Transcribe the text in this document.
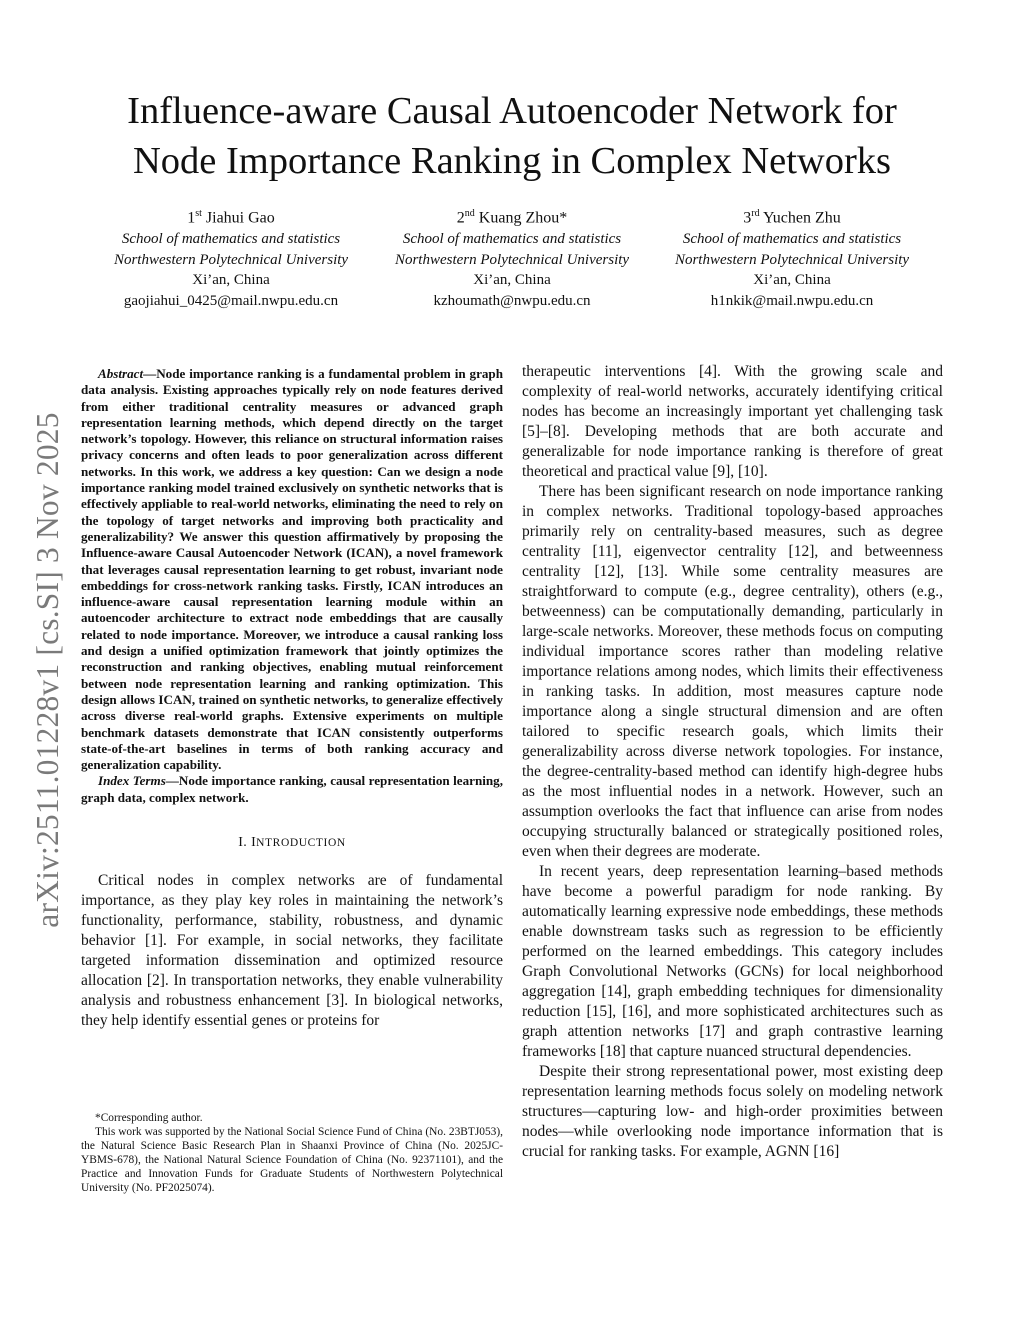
arXiv:2511.01228v1 [cs.SI] 3 Nov 2025
Influence-aware Causal Autoencoder Network for
Node Importance Ranking in Complex Networks
1st Jiahui Gao
School of mathematics and statistics
Northwestern Polytechnical University
Xi’an, China
gaojiahui_0425@mail.nwpu.edu.cn
2nd Kuang Zhou*
School of mathematics and statistics
Northwestern Polytechnical University
Xi’an, China
kzhoumath@nwpu.edu.cn
3rd Yuchen Zhu
School of mathematics and statistics
Northwestern Polytechnical University
Xi’an, China
h1nkik@mail.nwpu.edu.cn

Abstract—Node importance ranking is a fundamental problem in graph data analysis. Existing approaches typically rely on node features derived from either traditional centrality measures or advanced graph representation learning methods, which depend directly on the target network’s topology. However, this reliance on structural information raises privacy concerns and often leads to poor generalization across different networks. In this work, we address a key question: Can we design a node importance ranking model trained exclusively on synthetic networks that is effectively appliable to real-world networks, eliminating the need to rely on the topology of target networks and improving both practicality and generalizability? We answer this question affirmatively by proposing the Influence-aware Causal Autoencoder Network (ICAN), a novel framework that leverages causal representation learning to get robust, invariant node embeddings for cross-network ranking tasks. Firstly, ICAN introduces an influence-aware causal representation learning module within an autoencoder architecture to extract node embeddings that are causally related to node importance. Moreover, we introduce a causal ranking loss and design a unified optimization framework that jointly optimizes the reconstruction and ranking objectives, enabling mutual reinforcement between node representation learning and ranking optimization. This design allows ICAN, trained on synthetic networks, to generalize effectively across diverse real-world graphs. Extensive experiments on multiple benchmark datasets demonstrate that ICAN consistently outperforms state-of-the-art baselines in terms of both ranking accuracy and generalization capability.

Index Terms—Node importance ranking, causal representation learning, graph data, complex network.

I. INTRODUCTION

Critical nodes in complex networks are of fundamental importance, as they play key roles in maintaining the network’s functionality, performance, stability, robustness, and dynamic behavior [1]. For example, in social networks, they facilitate targeted information dissemination and optimized resource allocation [2]. In transportation networks, they enable vulnerability analysis and robustness enhancement [3]. In biological networks, they help identify essential genes or proteins for

*Corresponding author.

This work was supported by the National Social Science Fund of China (No. 23BTJ053), the Natural Science Basic Research Plan in Shaanxi Province of China (No. 2025JC-YBMS-678), the National Natural Science Foundation of China (No. 92371101), and the Practice and Innovation Funds for Graduate Students of Northwestern Polytechnical University (No. PF2025074).

therapeutic interventions [4]. With the growing scale and complexity of real-world networks, accurately identifying critical nodes has become an increasingly important yet challenging task [5]–[8]. Developing methods that are both accurate and generalizable for node importance ranking is therefore of great theoretical and practical value [9], [10].

There has been significant research on node importance ranking in complex networks. Traditional topology-based approaches primarily rely on centrality-based measures, such as degree centrality [11], eigenvector centrality [12], and betweenness centrality [12], [13]. While some centrality measures are straightforward to compute (e.g., degree centrality), others (e.g., betweenness) can be computationally demanding, particularly in large-scale networks. Moreover, these methods focus on computing individual importance scores rather than modeling relative importance relations among nodes, which limits their effectiveness in ranking tasks. In addition, most measures capture node importance along a single structural dimension and are often tailored to specific research goals, which limits their generalizability across diverse network topologies. For instance, the degree-centrality-based method can identify high-degree hubs as the most influential nodes in a network. However, such an assumption overlooks the fact that influence can arise from nodes occupying structurally balanced or strategically positioned roles, even when their degrees are moderate.

In recent years, deep representation learning–based methods have become a powerful paradigm for node ranking. By automatically learning expressive node embeddings, these methods enable downstream tasks such as regression to be efficiently performed on the learned embeddings. This category includes Graph Convolutional Networks (GCNs) for local neighborhood aggregation [14], graph embedding techniques for dimensionality reduction [15], [16], and more sophisticated architectures such as graph attention networks [17] and graph contrastive learning frameworks [18] that capture nuanced structural dependencies.

Despite their strong representational power, most existing deep representation learning methods focus solely on modeling network structures—capturing low- and high-order proximities between nodes—while overlooking node importance information that is crucial for ranking tasks. For example, AGNN [16]
